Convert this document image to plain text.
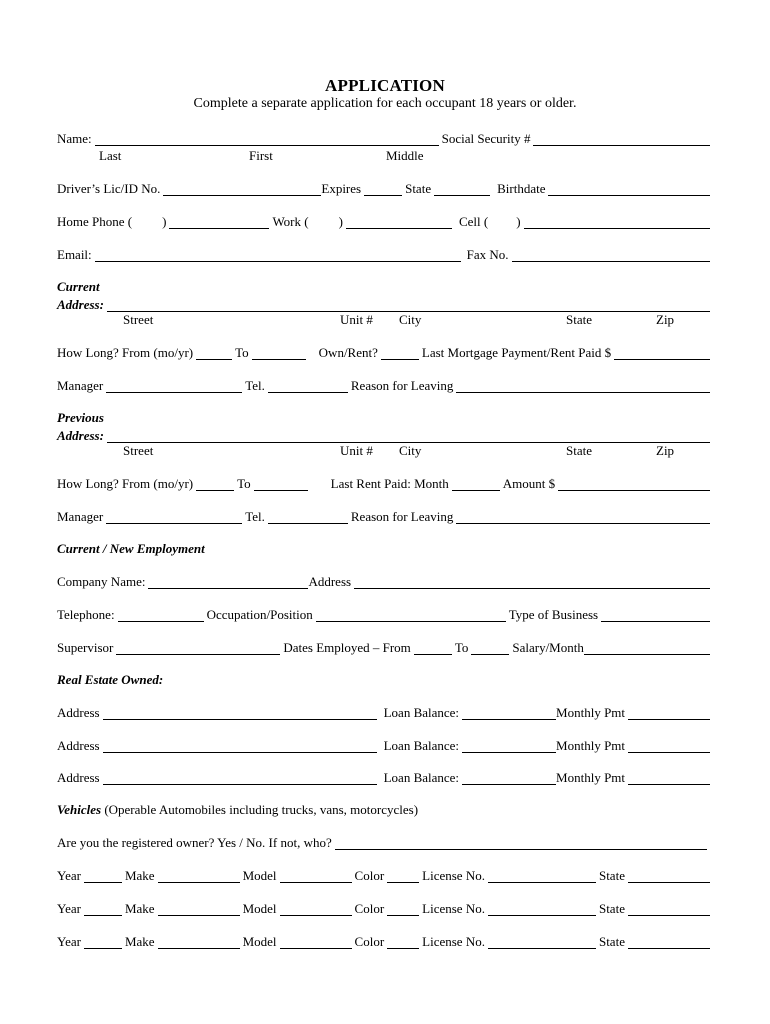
APPLICATION
Complete a separate application for each occupant 18 years or older.
Name:	Social Security #
Last	First	Middle
Driver’s Lic/ID No.	Expires	State	Birthdate
Home Phone ( )	Work ( )	Cell ( )
Email:	Fax No.
Current
Address:
Street	Unit # City	State	Zip
How Long? From (mo/yr)	To	Own/Rent?	Last Mortgage Payment/Rent Paid $
Manager	Tel.	Reason for Leaving
Previous
Address:
Street	Unit # City	State	Zip
How Long? From (mo/yr)	To	Last Rent Paid: Month	Amount $
Manager	Tel.	Reason for Leaving
Current / New Employment
Company Name:	Address
Telephone:	Occupation/Position	Type of Business
Supervisor	Dates Employed – From	To	Salary/Month
Real Estate Owned:
Address	Loan Balance:	Monthly Pmt
Address	Loan Balance:	Monthly Pmt
Address	Loan Balance:	Monthly Pmt
Vehicles (Operable Automobiles including trucks, vans, motorcycles)
Are you the registered owner? Yes / No. If not, who?
Year	Make	Model	Color	License No.	State
Year	Make	Model	Color	License No.	State
Year	Make	Model	Color	License No.	State
